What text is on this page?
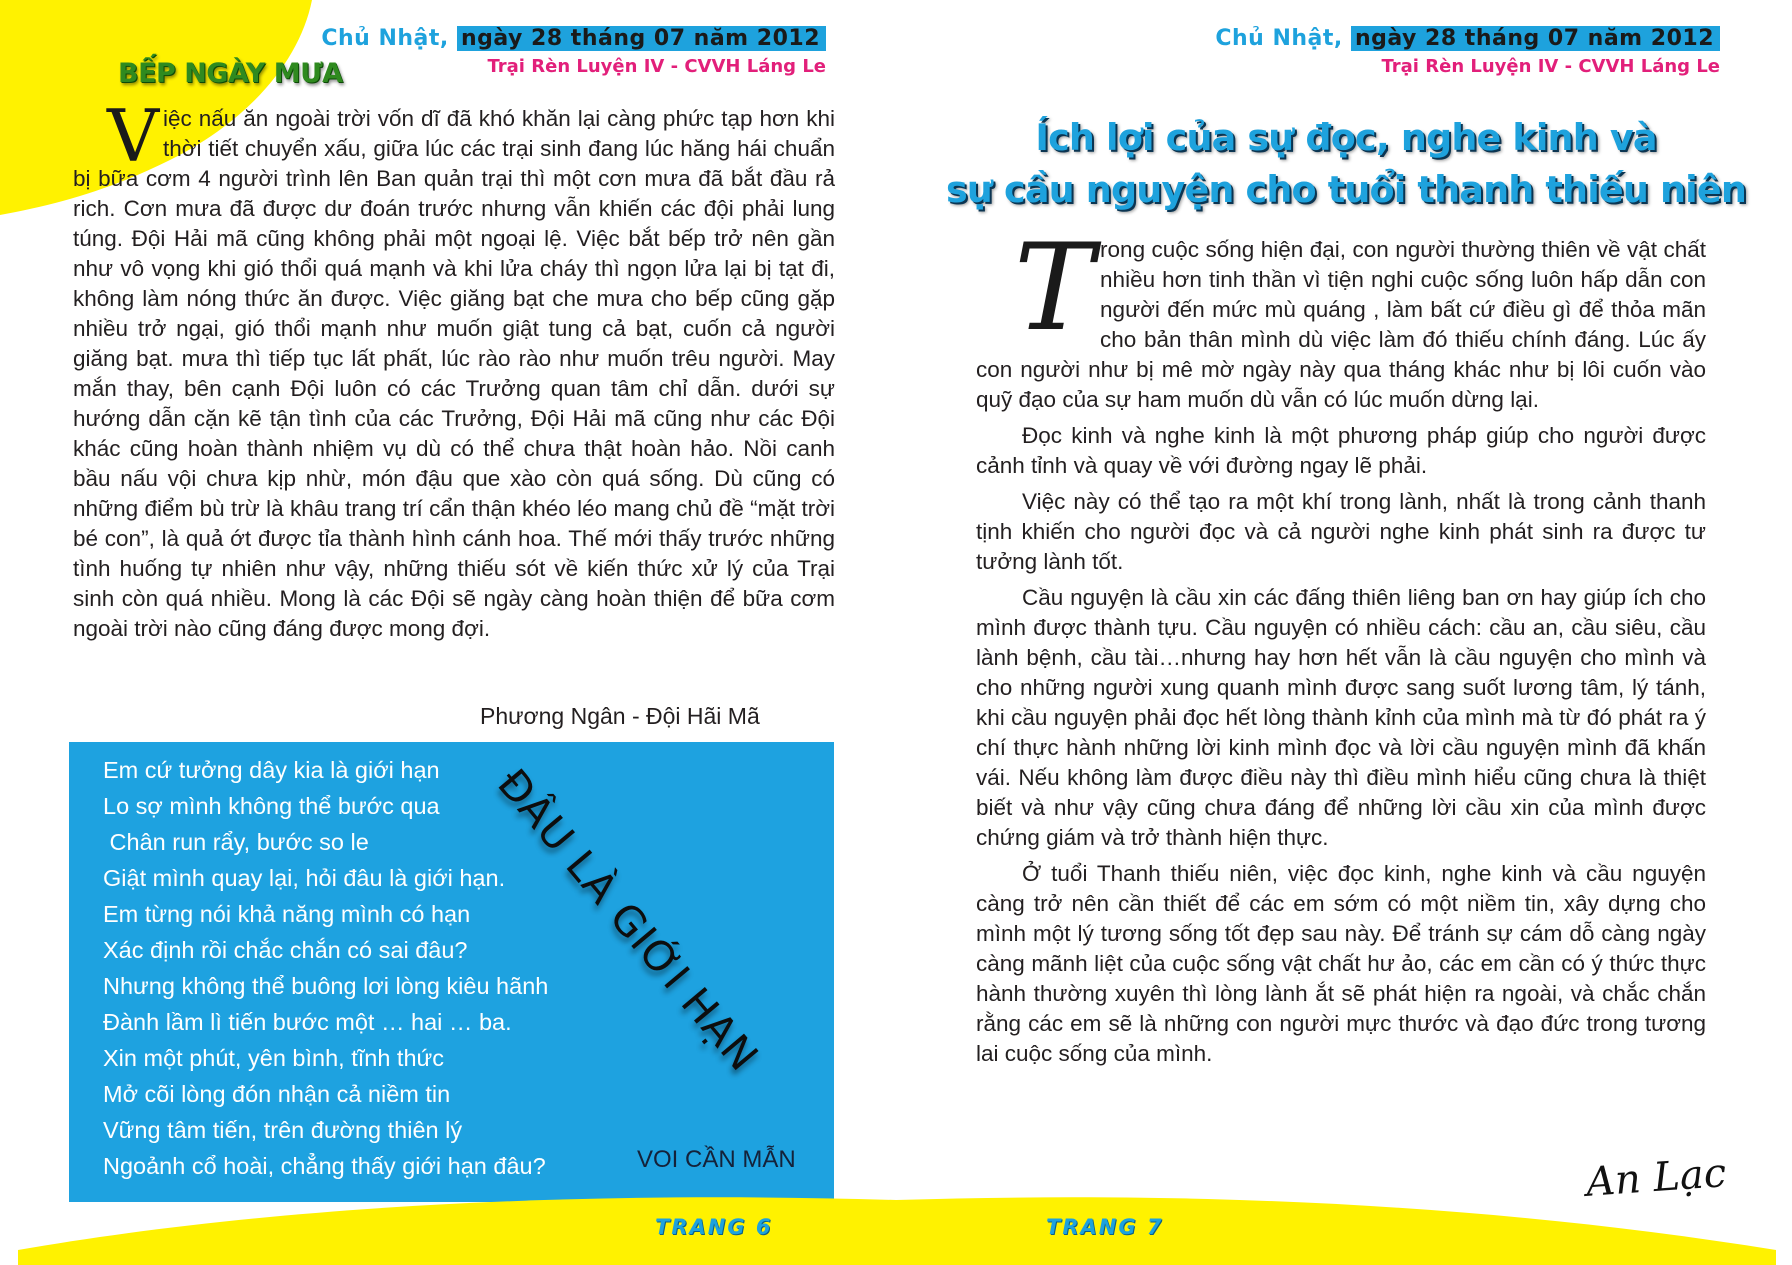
Chủ Nhật, ngày 28 tháng 07 năm 2012
Trại Rèn Luyện IV - CVVH Láng Le
BẾP NGÀY MƯA
Việc nấu ăn ngoài trời vốn dĩ đã khó khăn lại càng phức tạp hơn khi thời tiết chuyển xấu, giữa lúc các trại sinh đang lúc hăng hái chuẩn bị bữa cơm 4 người trình lên Ban quản trại thì một cơn mưa đã bắt đầu rả rich. Cơn mưa đã được dư đoán trước nhưng vẫn khiến các đội phải lung túng. Đội Hải mã cũng không phải một ngoại lệ. Việc bắt bếp trở nên gần như vô vọng khi gió thổi quá mạnh và khi lửa cháy thì ngọn lửa lại bị tạt đi, không làm nóng thức ăn được. Việc giăng bạt che mưa cho bếp cũng gặp nhiều trở ngại, gió thổi mạnh như muốn giật tung cả bạt, cuốn cả người giăng bạt. mưa thì tiếp tục lất phất, lúc rào rào như muốn trêu người. May mắn thay, bên cạnh Đội luôn có các Trưởng quan tâm chỉ dẫn. dưới sự hướng dẫn cặn kẽ tận tình của các Trưởng, Đội Hải mã cũng như các Đội khác cũng hoàn thành nhiệm vụ dù có thể chưa thật hoàn hảo. Nồi canh bầu nấu vội chưa kịp nhừ, món đậu que xào còn quá sống. Dù cũng có những điểm bù trừ là khâu trang trí cẩn thận khéo léo mang chủ đề “mặt trời bé con”, là quả ớt được tỉa thành hình cánh hoa. Thế mới thấy trước những tình huống tự nhiên như vậy, những thiếu sót về kiến thức xử lý của Trại sinh còn quá nhiều. Mong là các Đội sẽ ngày càng hoàn thiện để bữa cơm ngoài trời nào cũng đáng được mong đợi.
Phương Ngân - Đội Hãi Mã
Em cứ tưởng dây kia là giới hạn
Lo sợ mình không thể bước qua
Chân run rẩy, bước so le
Giật mình quay lại, hỏi đâu là giới hạn.
Em từng nói khả năng mình có hạn
Xác định rồi chắc chắn có sai đâu?
Nhưng không thể buông lơi lòng kiêu hãnh
Đành lầm lì tiến bước một … hai … ba.
Xin một phút, yên bình, tĩnh thức
Mở cõi lòng đón nhận cả niềm tin
Vững tâm tiến, trên đường thiên lý
Ngoảnh cổ hoài, chẳng thấy giới hạn đâu?	VOI CẦN MẪN
ĐÂU LÀ GIỚI HẠN
TRANG 6
Chủ Nhật, ngày 28 tháng 07 năm 2012
Trại Rèn Luyện IV - CVVH Láng Le
Ích lợi của sự đọc, nghe kinh và
sự cầu nguyện cho tuổi thanh thiếu niên

Trong cuộc sống hiện đại, con người thường thiên về vật chất nhiều hơn tinh thần vì tiện nghi cuộc sống luôn hấp dẫn con người đến mức mù quáng , làm bất cứ điều gì để thỏa mãn cho bản thân mình dù việc làm đó thiếu chính đáng. Lúc ấy con người như bị mê mờ ngày này qua tháng khác như bị lôi cuốn vào quỹ đạo của sự ham muốn dù vẫn có lúc muốn dừng lại.

Đọc kinh và nghe kinh là một phương pháp giúp cho người được cảnh tỉnh và quay về với đường ngay lẽ phải.

Việc này có thể tạo ra một khí trong lành, nhất là trong cảnh thanh tịnh khiến cho người đọc và cả người nghe kinh phát sinh ra được tư tưởng lành tốt.

Cầu nguyện là cầu xin các đấng thiên liêng ban ơn hay giúp ích cho mình được thành tựu. Cầu nguyện có nhiều cách: cầu an, cầu siêu, cầu lành bệnh, cầu tài…nhưng hay hơn hết vẫn là cầu nguyện cho mình và cho những người xung quanh mình được sang suốt lương tâm, lý tánh, khi cầu nguyện phải đọc hết lòng thành kỉnh của mình mà từ đó phát ra ý chí thực hành những lời kinh mình đọc và lời cầu nguyện mình đã khấn vái. Nếu không làm được điều này thì điều mình hiểu cũng chưa là thiệt biết và như vậy cũng chưa đáng để những lời cầu xin của mình được chứng giám và trở thành hiện thực.

Ở tuổi Thanh thiếu niên, việc đọc kinh, nghe kinh và cầu nguyện càng trở nên cần thiết để các em sớm có một niềm tin, xây dựng cho mình một lý tương sống tốt đẹp sau này. Để tránh sự cám dỗ càng ngày càng mãnh liệt của cuộc sống vật chất hư ảo, các em cần có ý thức thực hành thường xuyên thì lòng lành ắt sẽ phát hiện ra ngoài, và chắc chắn rằng các em sẽ là những con người mực thước và đạo đức trong tương lai cuộc sống của mình.

An Lạc
TRANG 7
